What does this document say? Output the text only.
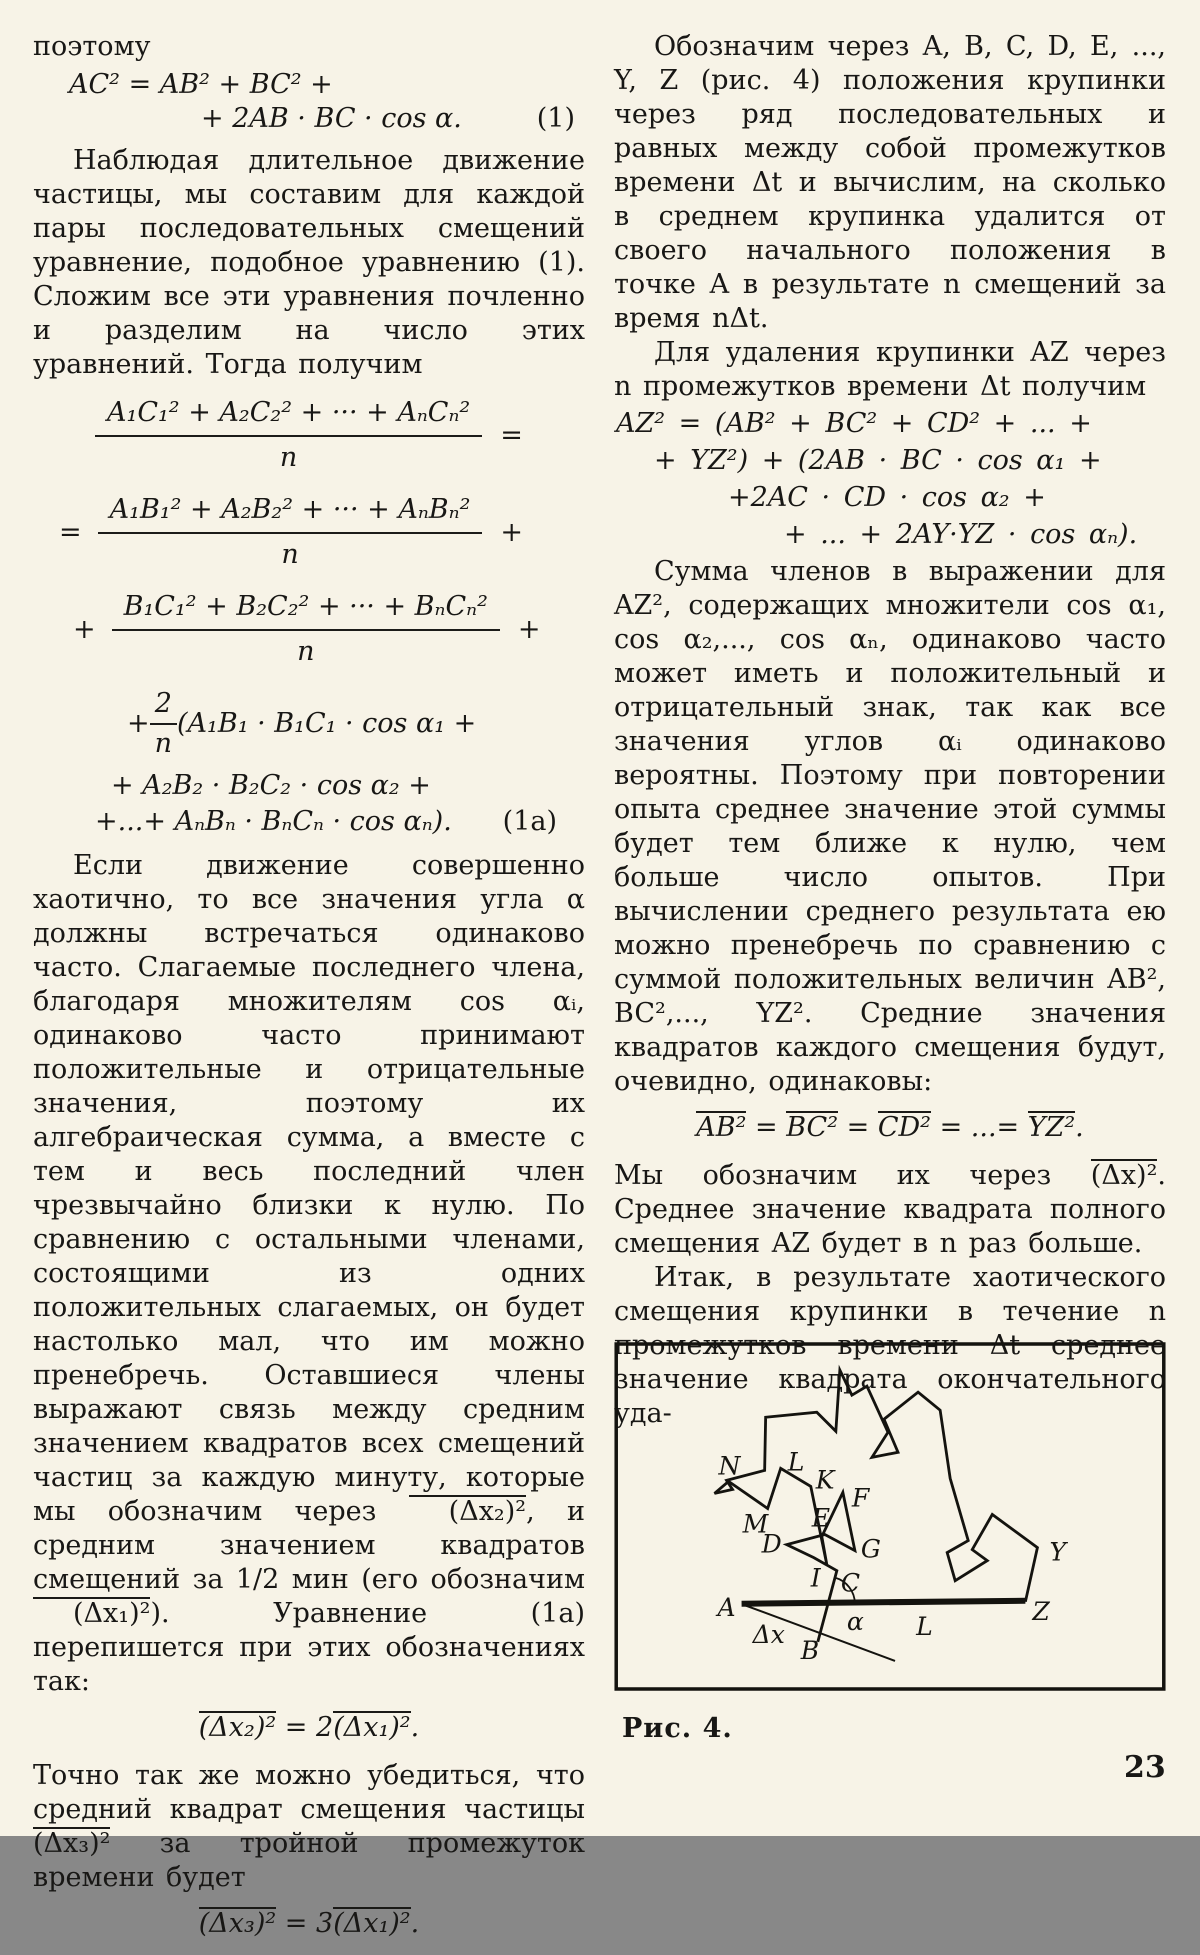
поэтому

AC² = AB² + BC² +
+ 2AB · BC · cos α.	(1)

Наблюдая длительное движение частицы, мы составим для каждой пары последовательных смещений уравнение, подобное уравнению (1). Сложим все эти уравнения почленно и разделим на число этих уравнений. Тогда получим

$\frac{\text{A₁C₁² + A₂C₂² + ··· + AₙCₙ²}}{n}$ =
= $\frac{\text{A₁B₁² + A₂B₂² + ··· + AₙBₙ²}}{n}$ +
+ $\frac{\text{B₁C₁² + B₂C₂² + ··· + BₙCₙ²}}{n}$ +
+ $\frac{2}{n} (A_1B_1 \cdot B_1C_1 \cdot \cos \alpha_1$ +
+ A₂B₂ · B₂C₂ · cos α₂ +
+...+ AₙBₙ · BₙCₙ · cos αₙ). (1а)

Если движение совершенно хаотично, то все значения угла α должны встречаться одинаково часто. Слагаемые последнего члена, благодаря множителям cos αᵢ, одинаково часто принимают положительные и отрицательные значения, поэтому их алгебраическая сумма, а вместе с тем и весь последний член чрезвычайно близки к нулю. По сравнению с остальными членами, состоящими из одних положительных слагаемых, он будет настолько мал, что им можно пренебречь. Оставшиеся члены выражают связь между средним значением квадратов всех смещений частиц за каждую минуту, которые мы обозначим через (Δx₂)², и средним значением квадратов смещений за 1/2 мин (его обозначим (Δx₁)²). Уравнение (1а) перепишется при этих обозначениях так:

(Δx₂)² = 2(Δx₁)².

Точно так же можно убедиться, что средний квадрат смещения частицы (Δx₃)² за тройной промежуток времени будет

(Δx₃)² = 3(Δx₁)².

Обозначим через A, B, C, D, E, ..., Y, Z (рис. 4) положения крупинки через ряд последовательных и равных между собой промежутков времени Δt и вычислим, на сколько в среднем крупинка удалится от своего начального положения в точке A в результате n смещений за время nΔt.

Для удаления крупинки AZ через n промежутков времени Δt получим

AZ² = (AB² + BC² + CD² + ... +
+ YZ²) + (2AB · BC · cos α₁ +
+2AC · CD · cos α₂ +
+ ... + 2AY·YZ · cos αₙ).

Сумма членов в выражении для AZ², содержащих множители cos α₁, cos α₂,..., cos αₙ, одинаково часто может иметь и положительный и отрицательный знак, так как все значения углов αᵢ одинаково вероятны. Поэтому при повторении опыта среднее значение этой суммы будет тем ближе к нулю, чем больше число опытов. При вычислении среднего результата ею можно пренебречь по сравнению с суммой положительных величин AB², BC²,..., YZ². Средние значения квадратов каждого смещения будут, очевидно, одинаковы:

AB² = BC² = CD² = ...= YZ².

Мы обозначим их через (Δx)². Среднее значение квадрата полного смещения AZ будет в n раз больше.

Итак, в результате хаотического смещения крупинки в течение n промежутков времени Δt среднее значение квадрата окончательного уда-

A
B
C
D
E
F
G
I
K
L
M
N
Y
Z
α
Δx	L
Рис. 4.
23
